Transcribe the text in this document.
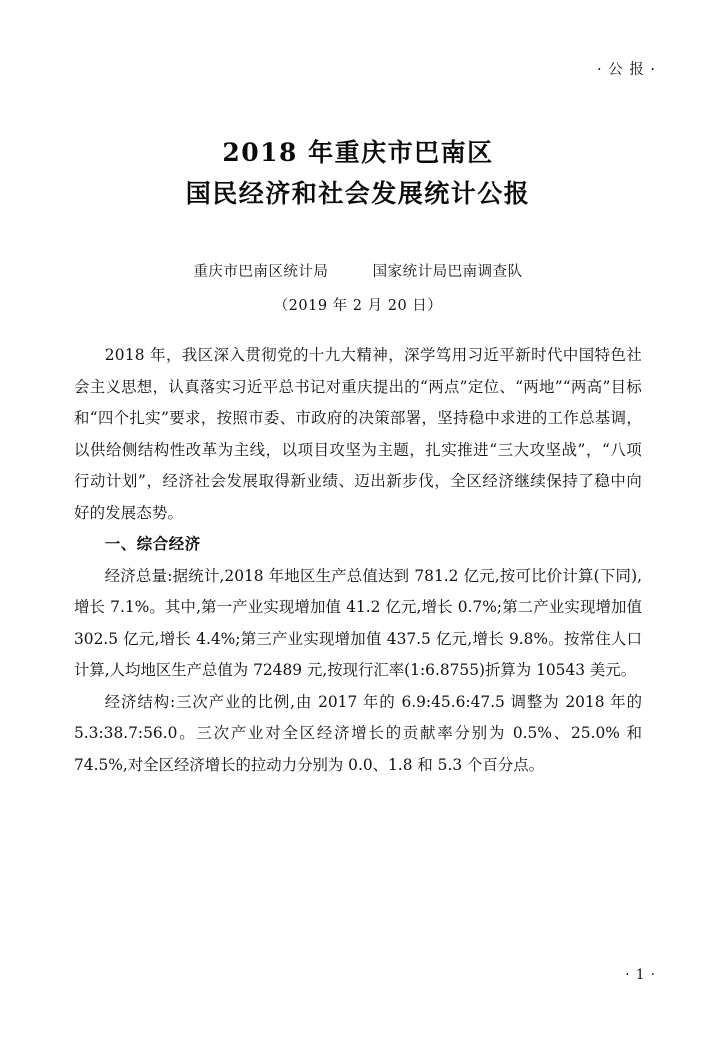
· 公 报 ·
2018 年重庆市巴南区
国民经济和社会发展统计公报
重庆市巴南区统计局	国家统计局巴南调查队
（2019 年 2 月 20 日）

2018 年，我区深入贯彻党的十九大精神，深学笃用习近平新时代中国特色社会主义思想，认真落实习近平总书记对重庆提出的“两点”定位、“两地”“两高”目标和“四个扎实”要求，按照市委、市政府的决策部署，坚持稳中求进的工作总基调，以供给侧结构性改革为主线，以项目攻坚为主题，扎实推进“三大攻坚战”，“八项行动计划”，经济社会发展取得新业绩、迈出新步伐，全区经济继续保持了稳中向好的发展态势。

一、综合经济

经济总量:据统计,2018 年地区生产总值达到 781.2 亿元,按可比价计算(下同),增长 7.1%。其中,第一产业实现增加值 41.2 亿元,增长 0.7%;第二产业实现增加值 302.5 亿元,增长 4.4%;第三产业实现增加值 437.5 亿元,增长 9.8%。按常住人口计算,人均地区生产总值为 72489 元,按现行汇率(1:6.8755)折算为 10543 美元。

经济结构:三次产业的比例,由 2017 年的 6.9:45.6:47.5 调整为 2018 年的 5.3:38.7:56.0。三次产业对全区经济增长的贡献率分别为 0.5%、25.0% 和 74.5%,对全区经济增长的拉动力分别为 0.0、1.8 和 5.3 个百分点。

· 1 ·
